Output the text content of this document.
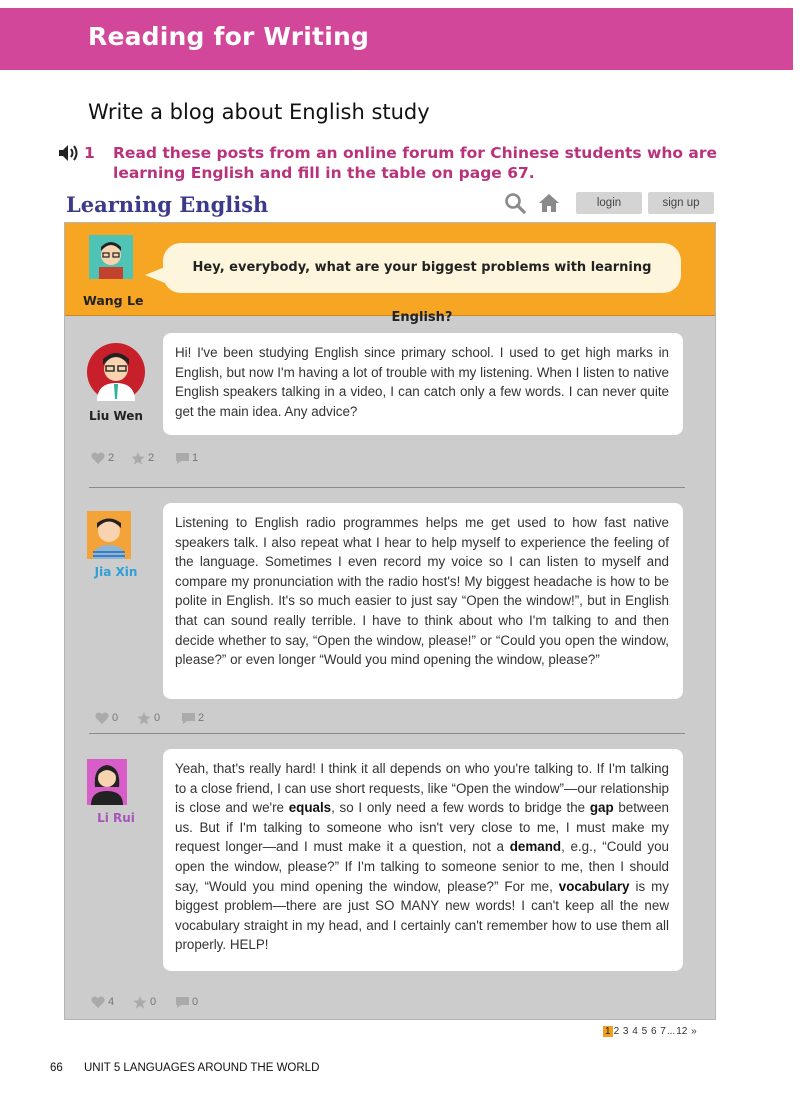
Reading for Writing
Write a blog about English study
1	Read these posts from an online forum for Chinese students who are learning English and fill in the table on page 67.
Learning English	login	sign up
Wang Le
Hey, everybody, what are your biggest problems with learning English?
Liu Wen
Hi! I've been studying English since primary school. I used to get high marks in English, but now I'm having a lot of trouble with my listening. When I listen to native English speakers talking in a video, I can catch only a few words. I can never quite get the main idea. Any advice?
2	2	1
Jia Xin
Listening to English radio programmes helps me get used to how fast native speakers talk. I also repeat what I hear to help myself to experience the feeling of the language. Sometimes I even record my voice so I can listen to myself and compare my pronunciation with the radio host's! My biggest headache is how to be polite in English. It's so much easier to just say “Open the window!”, but in English that can sound really terrible. I have to think about who I'm talking to and then decide whether to say, “Open the window, please!” or “Could you open the window, please?” or even longer “Would you mind opening the window, please?”
0	0	2
Li Rui
Yeah, that's really hard! I think it all depends on who you're talking to. If I'm talking to a close friend, I can use short requests, like “Open the window”—our relationship is close and we're equals, so I only need a few words to bridge the gap between us. But if I'm talking to someone who isn't very close to me, I must make my request longer—and I must make it a question, not a demand, e.g., “Could you open the window, please?” If I'm talking to someone senior to me, then I should say, “Would you mind opening the window, please?” For me, vocabulary is my biggest problem—there are just SO MANY new words! I can't keep all the new vocabulary straight in my head, and I certainly can't remember how to use them all properly. HELP!
4	0	0
1 2 3 4 5 6 7...12 »
66 UNIT 5 LANGUAGES AROUND THE WORLD
